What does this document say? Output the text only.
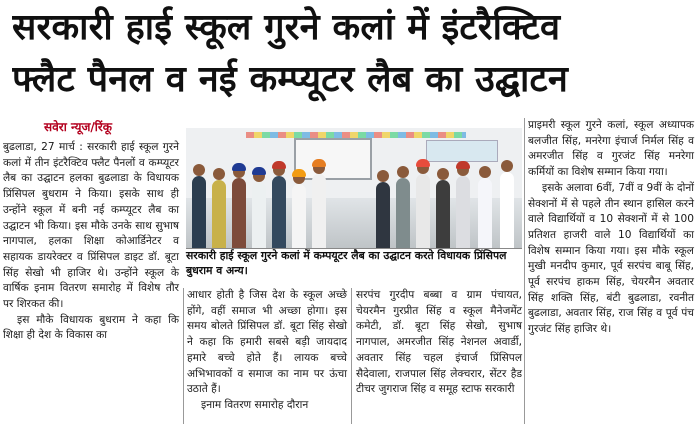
सरकारी हाई स्कूल गुरने कलां में इंटरैक्टिव
फ्लैट पैनल व नई कम्प्यूटर लैब का उद्घाटन
सवेरा न्यूज/रिंकू

बुढलाडा, 27 मार्च : सरकारी हाई स्कूल गुरने कलां में तीन इंटरैक्टिव फ्लैट पैनलों व कम्प्यूटर लैब का उद्घाटन हलका बुढलाडा के विधायक प्रिंसिपल बुधराम ने किया। इसके साथ ही उन्होंने स्कूल में बनी नई कम्प्यूटर लैब का उद्घाटन भी किया। इस मौके उनके साथ सुभाष नागपाल, हलका शिक्षा कोआर्डिनेटर व सहायक डायरेक्टर व प्रिंसिपल डाइट डॉ. बूटा सिंह सेखो भी हाजिर थे। उन्होंने स्कूल के वार्षिक इनाम वितरण समारोह में विशेष तौर पर शिरकत की।

इस मौके विधायक बुधराम ने कहा कि शिक्षा ही देश के विकास का

सरकारी हाई स्कूल गुरने कलां में कम्पयूटर लैब का उद्घाटन करते विधायक प्रिंसिपल बुधराम व अन्य।

आधार होती है जिस देश के स्कूल अच्छे होंगे, वहीं समाज भी अच्छा होगा। इस समय बोलते प्रिंसिपल डॉ. बूटा सिंह सेखो ने कहा कि हमारी सबसे बड़ी जायदाद हमारे बच्चे होते हैं। लायक बच्चे अभिभावकों व समाज का नाम पर ऊंचा उठाते हैं।

इनाम वितरण समारोह दौरान

सरपंच गुरदीप बब्बा व ग्राम पंचायत, चेयरमैन गुरप्रीत सिंह व स्कूल मैनेजमेंट कमेटी, डॉ. बूटा सिंह सेखो, सुभाष नागपाल, अमरजीत सिंह नेशनल अवार्डी, अवतार सिंह चहल इंचार्ज प्रिंसिपल सैदेवाला, राजपाल सिंह लेक्चरार, सेंटर हैड टीचर जुगराज सिंह व समूह स्टाफ सरकारी

प्राइमरी स्कूल गुरने कलां, स्कूल अध्यापक बलजीत सिंह, मनरेगा इंचार्ज निर्मल सिंह व अमरजीत सिंह व गुरजंट सिंह मनरेगा कर्मियों का विशेष सम्मान किया गया।

इसके अलावा 6वीं, 7वीं व 9वीं के दोनों सेक्शनों में से पहले तीन स्थान हासिल करने वाले विद्यार्थियों व 10 सेक्शनों में से 100 प्रतिशत हाजरी वाले 10 विद्यार्थियों का विशेष सम्मान किया गया। इस मौके स्कूल मुखी मनदीप कुमार, पूर्व सरपंच बाबू सिंह, पूर्व सरपंच हाकम सिंह, चेयरमैन अवतार सिंह शक्ति सिंह, बंटी बुढलाडा, रवनीत बुढलाडा, अवतार सिंह, राज सिंह व पूर्व पंच गुरजंट सिंह हाजिर थे।
